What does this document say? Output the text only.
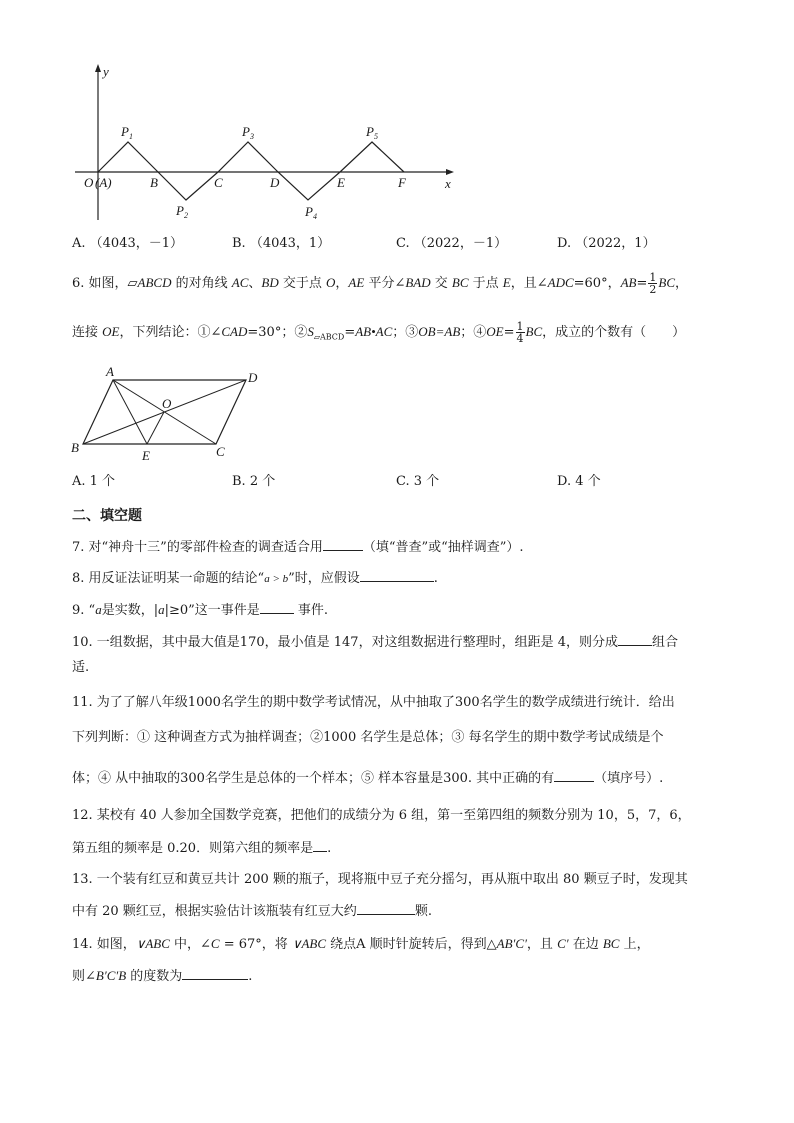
y
x
$P_1$
$P_2$
$P_3$
$P_4$
$P_5$
O (A)	B	C	D	E	F
A. （4043，－1）	B. （4043，1）	C. （2022，－1）	D. （2022，1）
6. 如图，▱ABCD 的对角线 AC、BD 交于点 O，AE 平分∠BAD 交 BC 于点 E，且∠ADC=60°，$AB= \frac{1}{2}$ BC，
连接 OE，下列结论：①∠CAD=30°；$②S_{▱ABCD}=AB•AC$；③OB=AB；④OE= $\frac{1}{4}$ BC，成立的个数有（　　）
A	D
B	C
O
E
A. 1 个	B. 2 个	C. 3 个	D. 4 个
二、填空题
7. 对“神舟十三”的零部件检查的调查适合用	（填“普查”或“抽样调查”）.
8. 用反证法证明某一命题的结论“a > b”时，应假设	.
9. “a是实数，|a|≥0”这一事件是	事件.
10. 一组数据，其中最大值是170，最小值是 147，对这组数据进行整理时，组距是 4，则分成	组合
适.
11. 为了了解八年级1000名学生的期中数学考试情况，从中抽取了300名学生的数学成绩进行统计．给出
下列判断：① 这种调查方式为抽样调查；②1000 名学生是总体；③ 每名学生的期中数学考试成绩是个
体；④ 从中抽取的300名学生是总体的一个样本；⑤ 样本容量是300. 其中正确的有	（填序号）.
12. 某校有 40 人参加全国数学竞赛，把他们的成绩分为 6 组，第一至第四组的频数分别为 10，5，7，6，
第五组的频率是 0.20．则第六组的频率是 .
13. 一个装有红豆和黄豆共计 200 颗的瓶子，现将瓶中豆子充分摇匀，再从瓶中取出 80 颗豆子时，发现其
中有 20 颗红豆，根据实验估计该瓶装有红豆大约	颗.
14. 如图，∨ABC 中，∠C = 67°，将 ∨ABC 绕点A 顺时针旋转后，得到△AB′C′，且 C′ 在边 BC 上，
则∠B′C′B 的度数为	.
